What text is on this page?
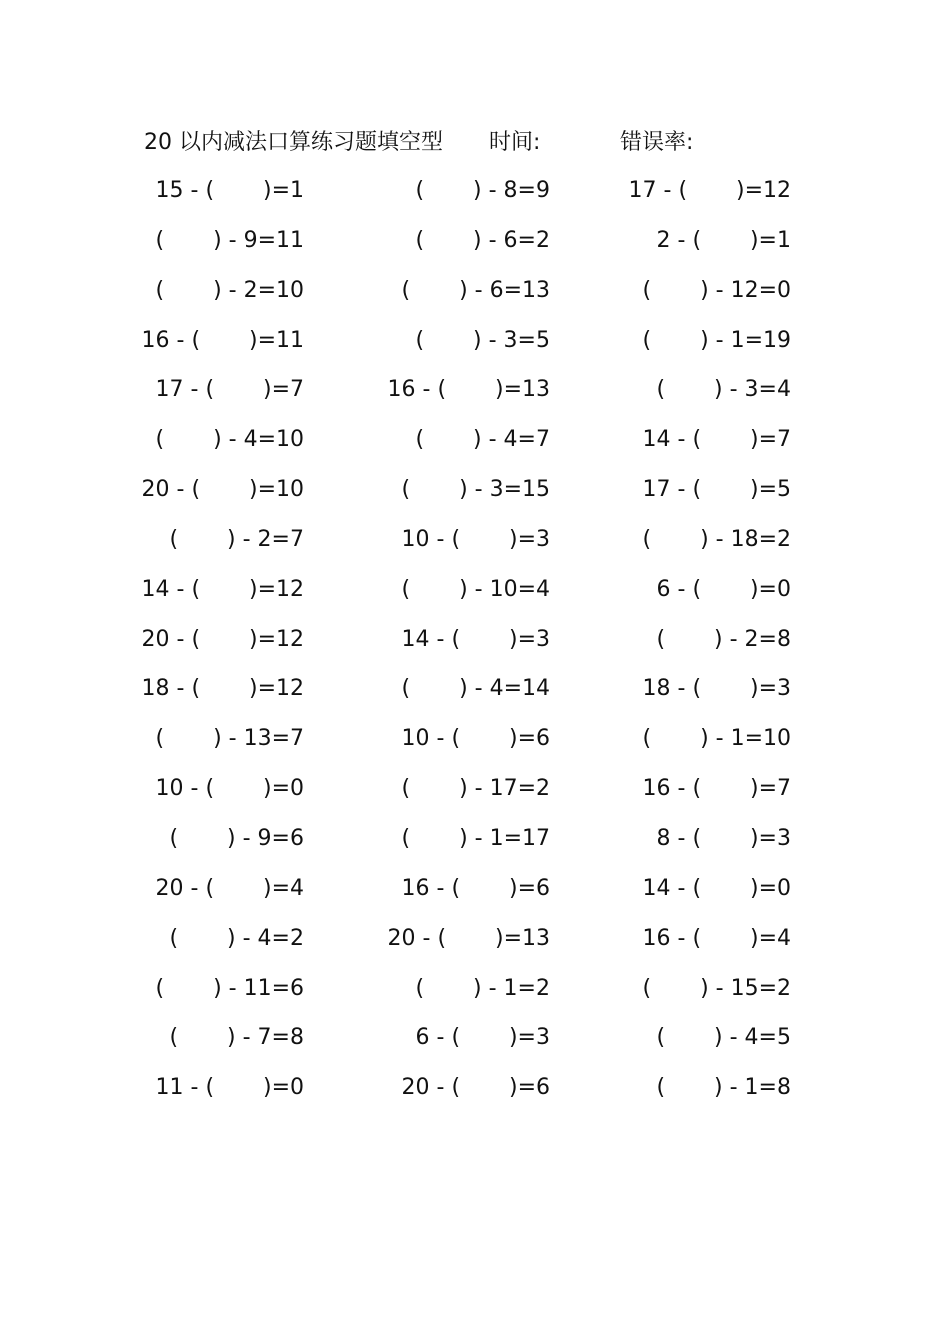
20 以内减法口算练习题填空型 时间:	错误率:
15 - (       )=1	(       ) - 8=9	17 - (       )=12
(       ) - 9=11	(       ) - 6=2	2 - (       )=1
(       ) - 2=10	(       ) - 6=13	(       ) - 12=0
16 - (       )=11	(       ) - 3=5	(       ) - 1=19
17 - (       )=7	16 - (       )=13	(       ) - 3=4
(       ) - 4=10	(       ) - 4=7	14 - (       )=7
20 - (       )=10	(       ) - 3=15	17 - (       )=5
(       ) - 2=7	10 - (       )=3	(       ) - 18=2
14 - (       )=12	(       ) - 10=4	6 - (       )=0
20 - (       )=12	14 - (       )=3	(       ) - 2=8
18 - (       )=12	(       ) - 4=14	18 - (       )=3
(       ) - 13=7	10 - (       )=6	(       ) - 1=10
10 - (       )=0	(       ) - 17=2	16 - (       )=7
(       ) - 9=6	(       ) - 1=17	8 - (       )=3
20 - (       )=4	16 - (       )=6	14 - (       )=0
(       ) - 4=2	20 - (       )=13	16 - (       )=4
(       ) - 11=6	(       ) - 1=2	(       ) - 15=2
(       ) - 7=8	6 - (       )=3	(       ) - 4=5
11 - (       )=0	20 - (       )=6	(       ) - 1=8
